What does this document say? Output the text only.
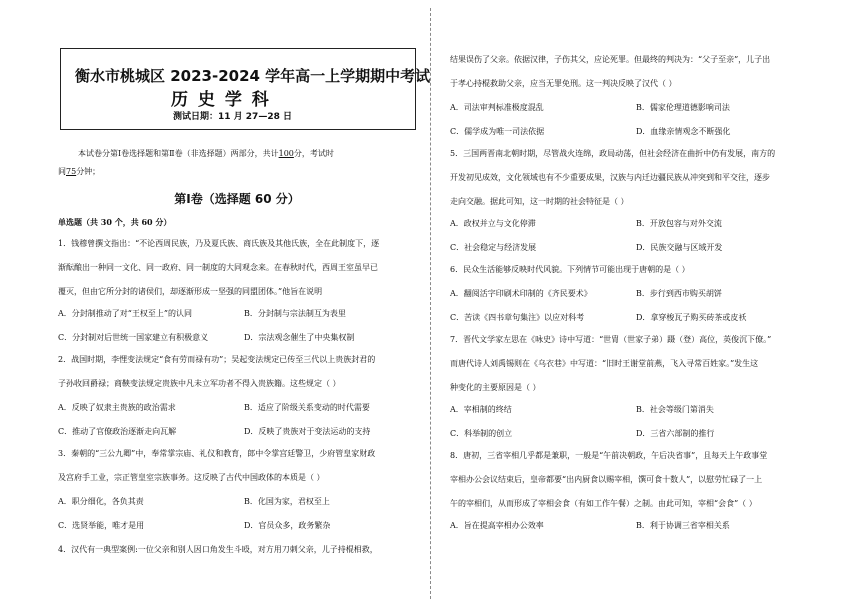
衡水市桃城区 2023-2024 学年高一上学期期中考试
历 史 学 科
测试日期：11 月 27—28 日
本试卷分第Ⅰ卷选择题和第Ⅱ卷（非选择题）两部分，共计100分，考试时
间75分钟；
第Ⅰ卷（选择题 60 分）
单选题（共 30 个，共 60 分）
1．钱穆曾撰文指出：“不论西周民族，乃及夏氏族、商氏族及其他氏族，全在此制度下，逐
渐酝酿出一种同一文化、同一政府、同一制度的大同观念来。在春秋时代，西周王室虽早已
覆灭，但由它所分封的诸侯们，却逐渐形成一坚强的同盟团体。”他旨在说明
A．分封制推动了对“王权至上”的认同	B．分封制与宗法制互为表里
C．分封制对后世统一国家建立有积极意义	D．宗法观念催生了中央集权制
2．战国时期，李悝变法规定“食有劳而禄有功”；吴起变法规定已传至三代以上贵族封君的
子孙收回爵禄；商鞅变法规定贵族中凡未立军功者不得入贵族籍。这些规定（ ）
A．反映了奴隶主贵族的政治需求	B．适应了阶级关系变动的时代需要
C．推动了官僚政治逐渐走向瓦解	D．反映了贵族对于变法运动的支持
3．秦朝的“三公九卿”中，奉常掌宗庙、礼仪和教育，郎中令掌宫廷警卫，少府管皇家财政
及宫府手工业，宗正管皇室宗族事务。这反映了古代中国政体的本质是（ ）
A．职分细化，各负其责	B．化国为家，君权至上
C．选贤举能，唯才是用	D．官员众多，政务繁杂
4．汉代有一典型案例:一位父亲和别人因口角发生斗殴，对方用刀刺父亲，儿子持棍相救，
结果误伤了父亲。依据汉律，子伤其父，应论死罪。但最终的判决为：“父子至亲”，儿子出
于孝心持棍救助父亲，应当无罪免刑。这一判决反映了汉代（ ）
A．司法审判标准极度混乱	B．儒家伦理道德影响司法
C．儒学成为唯一司法依据	D．血缘亲情观念不断强化
5．三国两晋南北朝时期，尽管战火连绵，政局动荡，但社会经济在曲折中仍有发展，南方的
开发初见成效，文化领域也有不少重要成果，汉族与内迁边疆民族从冲突到和平交往，逐步
走向交融。据此可知，这一时期的社会特征是（ ）
A．政权并立与文化停滞	B．开放包容与对外交流
C．社会稳定与经济发展	D．民族交融与区域开发
6．民众生活能够反映时代风貌。下列情节可能出现于唐朝的是（ ）
A．翻阅活字印刷术印制的《齐民要术》	B．步行到西市购买胡饼
C．苦读《四书章句集注》以应对科考	D．拿穿梭瓦子购买砖茶或皮袄
7．晋代文学家左思在《咏史》诗中写道：“世胄（世家子弟）蹑（登）高位，英俊沉下僚。”
而唐代诗人刘禹锡则在《乌衣巷》中写道：“旧时王谢堂前燕，飞入寻常百姓家。”发生这
种变化的主要原因是（ ）
A．宰相制的终结	B．社会等级门第消失
C．科举制的创立	D．三省六部制的推行
8．唐初，三省宰相几乎都是兼职，一般是“午前决朝政，午后决省事”，且每天上午政事堂
宰相办公会议结束后，皇帝都要“出内厨食以赐宰相，馔可食十数人”，以慰劳忙碌了一上
午的宰相们，从而形成了宰相会食（有如工作午餐）之制。由此可知，宰相“会食”（ ）
A．旨在提高宰相办公效率	B．利于协调三省宰相关系
